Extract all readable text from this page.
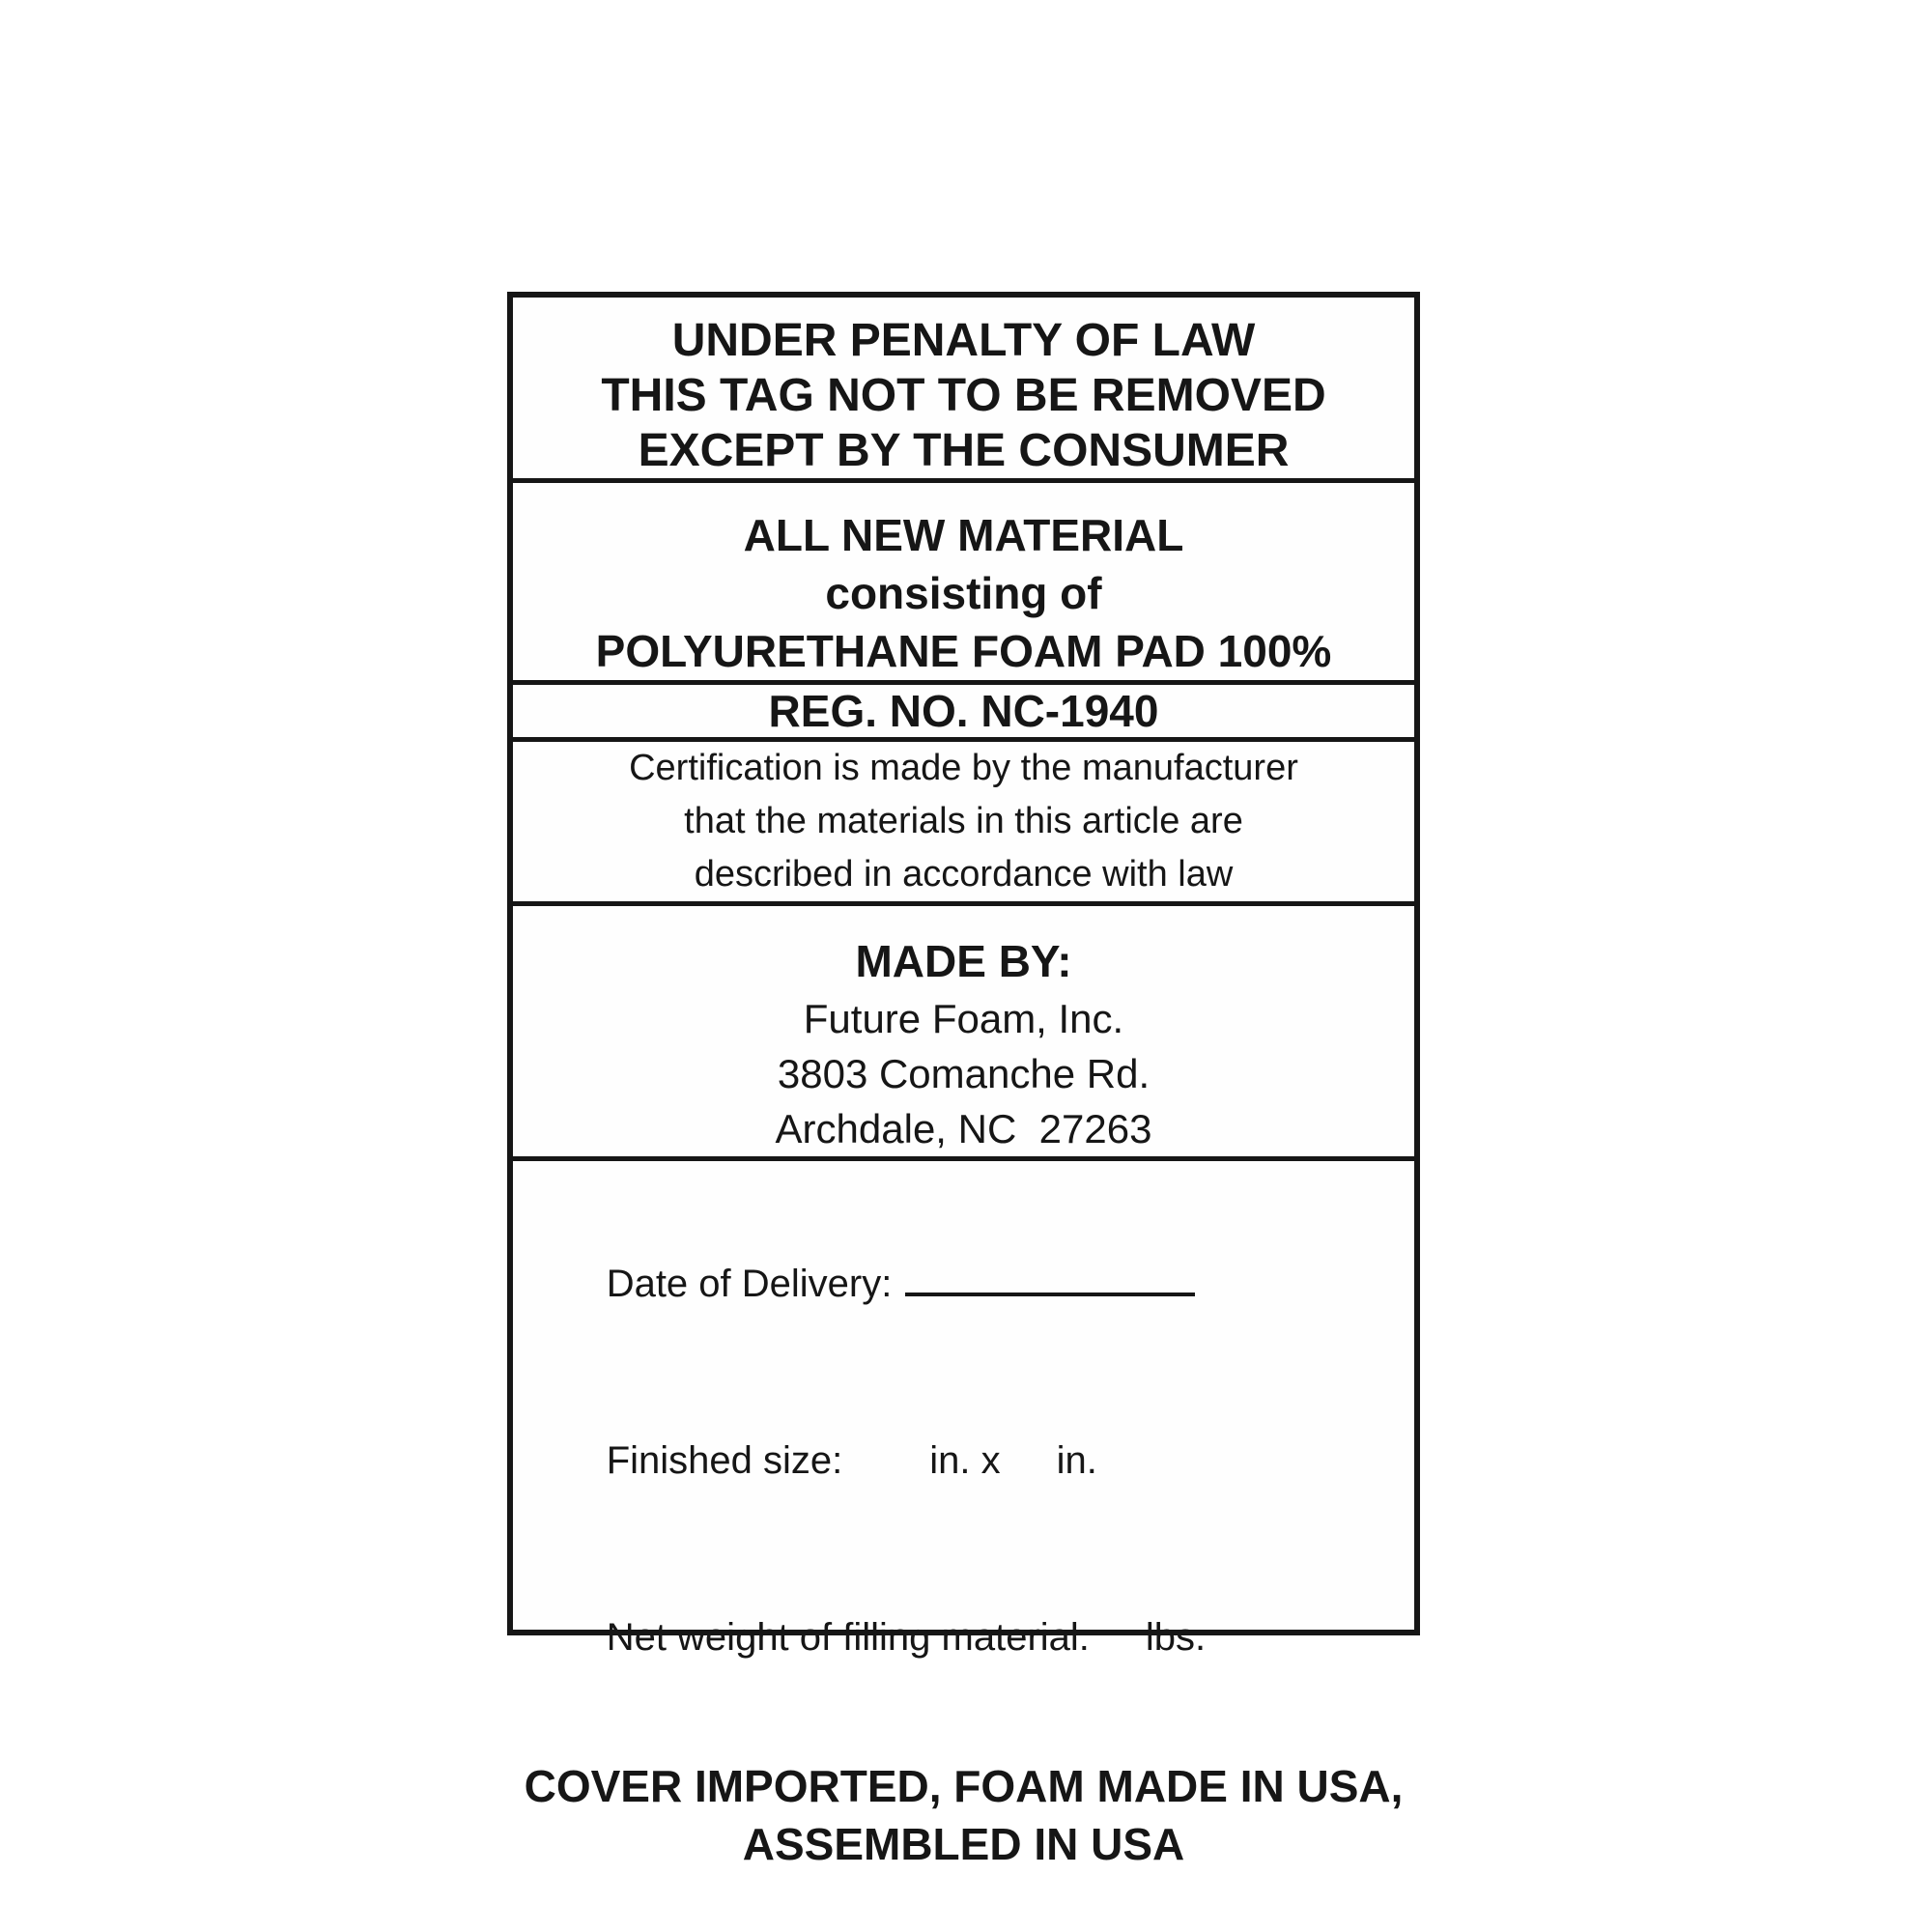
UNDER PENALTY OF LAW
THIS TAG NOT TO BE REMOVED
EXCEPT BY THE CONSUMER
ALL NEW MATERIAL
consisting of
POLYURETHANE FOAM PAD 100%
REG. NO. NC-1940
Certification is made by the manufacturer
that the materials in this article are
described in accordance with law
MADE BY:
Future Foam, Inc.
3803 Comanche Rd.
Archdale, NC  27263

Date of Delivery:

Finished size: in. x in.

Net weight of filling material: lbs.

COVER IMPORTED, FOAM MADE IN USA,
ASSEMBLED IN USA
